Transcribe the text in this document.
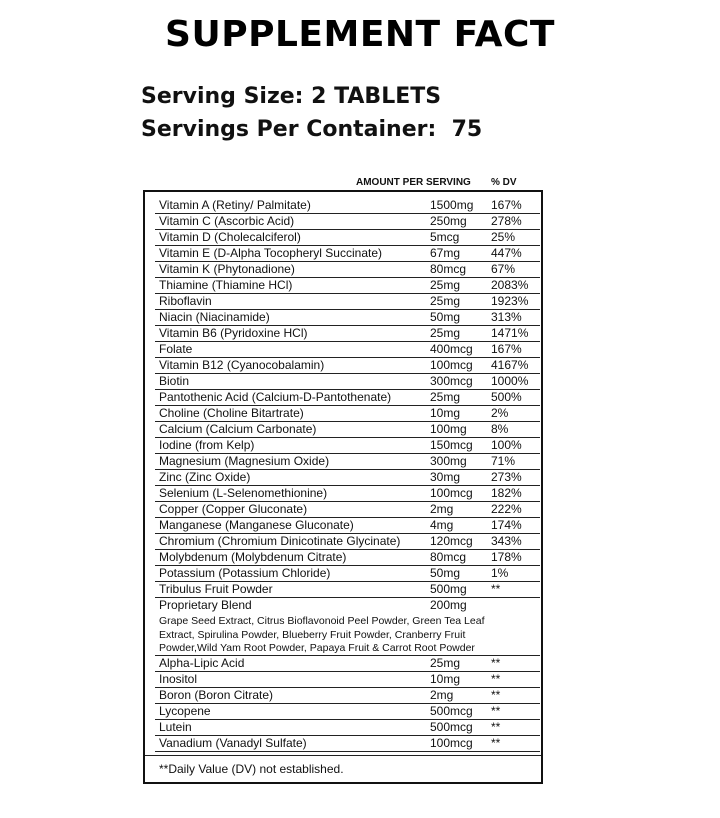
SUPPLEMENT FACT
Serving Size: 2 TABLETS
Servings Per Container:  75
AMOUNT PER SERVING % DV
Vitamin A (Retiny/ Palmitate)	1500mg 167%
Vitamin C (Ascorbic Acid)	250mg 278%
Vitamin D (Cholecalciferol)	5mcg	25%
Vitamin E (D-Alpha Tocopheryl Succinate)	67mg	447%
Vitamin K (Phytonadione)	80mcg 67%
Thiamine (Thiamine HCl)	25mg	2083%
Riboflavin	25mg	1923%
Niacin (Niacinamide)	50mg	313%
Vitamin B6 (Pyridoxine HCl)	25mg	1471%
Folate	400mcg 167%
Vitamin B12 (Cyanocobalamin)	100mcg 4167%
Biotin	300mcg 1000%
Pantothenic Acid (Calcium-D-Pantothenate)	25mg	500%
Choline (Choline Bitartrate)	10mg	2%
Calcium (Calcium Carbonate)	100mg 8%
Iodine (from Kelp)	150mcg 100%
Magnesium (Magnesium Oxide)	300mg 71%
Zinc (Zinc Oxide)	30mg	273%
Selenium (L-Selenomethionine)	100mcg 182%
Copper (Copper Gluconate)	2mg	222%
Manganese (Manganese Gluconate)	4mg	174%
Chromium (Chromium Dinicotinate Glycinate) 120mcg 343%
Molybdenum (Molybdenum Citrate)	80mcg 178%
Potassium (Potassium Chloride)	50mg	1%
Tribulus Fruit Powder	500mg **
Proprietary Blend	200mg
Grape Seed Extract, Citrus Bioflavonoid Peel Powder, Green Tea Leaf
Extract, Spirulina Powder, Blueberry Fruit Powder, Cranberry Fruit
Powder,Wild Yam Root Powder, Papaya Fruit & Carrot Root Powder
Alpha-Lipic Acid	25mg	**
Inositol	10mg	**
Boron (Boron Citrate)	2mg	**
Lycopene	500mcg **
Lutein	500mcg **
Vanadium (Vanadyl Sulfate)	100mcg **
**Daily Value (DV) not established.
